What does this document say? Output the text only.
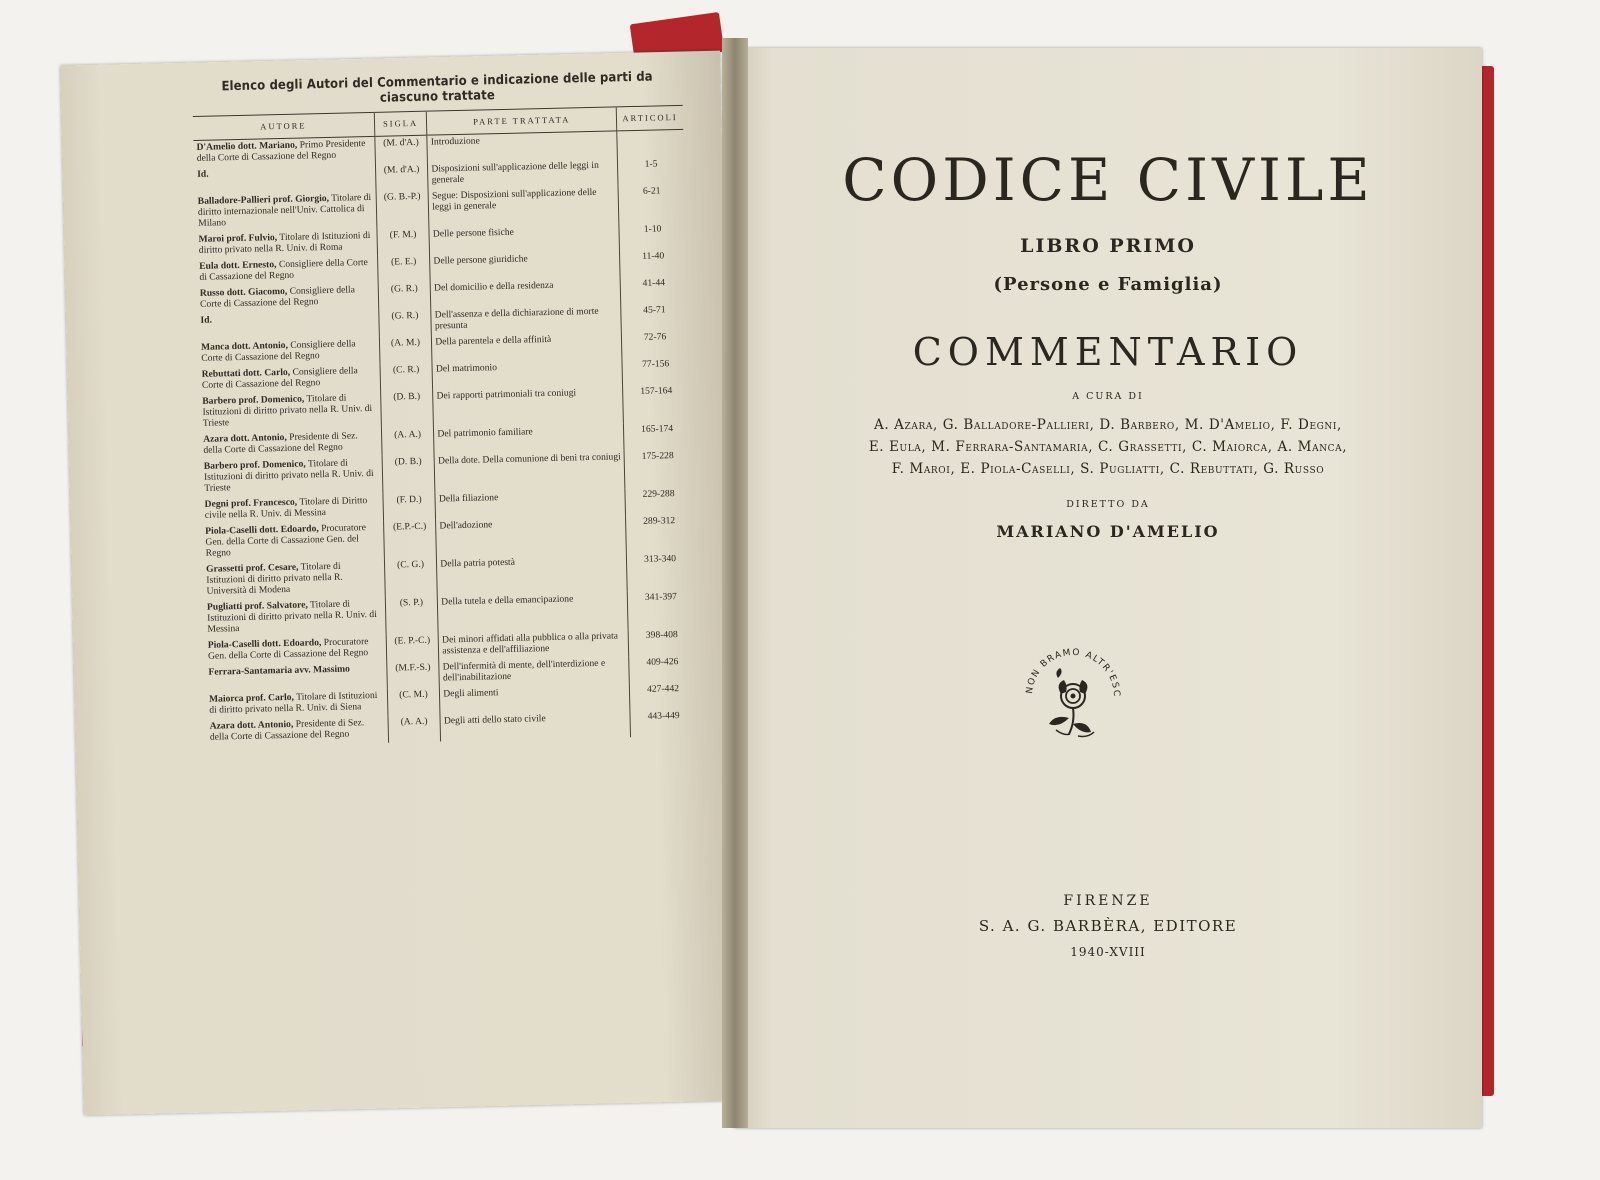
Elenco degli Autori del Commentario e indicazione delle parti da ciascuno trattate
AUTORE	SIGLA	PARTE TRATTATA	ARTICOLI
D'Amelio dott. Mariano, Primo Presidente della Corte di Cassazione del Regno	(M. d'A.)	Introduzione	
Id.	(M. d'A.)	Disposizioni sull'applicazione delle leggi in generale	1-5
Balladore-Pallieri prof. Giorgio, Titolare di diritto internazionale nell'Univ. Cattolica di Milano	(G. B.-P.)	Segue: Disposizioni sull'applicazione delle leggi in generale	6-21
Maroi prof. Fulvio, Titolare di Istituzioni di diritto privato nella R. Univ. di Roma	(F. M.)	Delle persone fisiche	1-10
Eula dott. Ernesto, Consigliere della Corte di Cassazione del Regno	(E. E.)	Delle persone giuridiche	11-40
Russo dott. Giacomo, Consigliere della Corte di Cassazione del Regno	(G. R.)	Del domicilio e della residenza	41-44
Id.	(G. R.)	Dell'assenza e della dichiarazione di morte presunta	45-71
Manca dott. Antonio, Consigliere della Corte di Cassazione del Regno	(A. M.)	Della parentela e della affinità	72-76
Rebuttati dott. Carlo, Consigliere della Corte di Cassazione del Regno	(C. R.)	Del matrimonio	77-156
Barbero prof. Domenico, Titolare di Istituzioni di diritto privato nella R. Univ. di Trieste	(D. B.)	Dei rapporti patrimoniali tra coniugi	157-164
Azara dott. Antonio, Presidente di Sez. della Corte di Cassazione del Regno	(A. A.)	Del patrimonio familiare	165-174
Barbero prof. Domenico, Titolare di Istituzioni di diritto privato nella R. Univ. di Trieste	(D. B.)	Della dote. Della comunione di beni tra coniugi	175-228
Degni prof. Francesco, Titolare di Diritto civile nella R. Univ. di Messina	(F. D.)	Della filiazione	229-288
Piola-Caselli dott. Edoardo, Procuratore Gen. della Corte di Cassazione Gen. del Regno	(E.P.-C.)	Dell'adozione	289-312
Grassetti prof. Cesare, Titolare di Istituzioni di diritto privato nella R. Università di Modena	(C. G.)	Della patria potestà	313-340
Pugliatti prof. Salvatore, Titolare di Istituzioni di diritto privato nella R. Univ. di Messina	(S. P.)	Della tutela e della emancipazione	341-397
Piola-Caselli dott. Edoardo, Procuratore Gen. della Corte di Cassazione del Regno	(E. P.-C.)	Dei minori affidati alla pubblica o alla privata assistenza e dell'affiliazione	398-408
Ferrara-Santamaria avv. Massimo	(M.F.-S.)	Dell'infermità di mente, dell'interdizione e dell'inabilitazione	409-426
Maiorca prof. Carlo, Titolare di Istituzioni di diritto privato nella R. Univ. di Siena	(C. M.)	Degli alimenti	427-442
Azara dott. Antonio, Presidente di Sez. della Corte di Cassazione del Regno	(A. A.)	Degli atti dello stato civile	443-449
CODICE CIVILE
LIBRO PRIMO
(Persone e Famiglia)
COMMENTARIO
A CURA DI
A. Azara, G. Balladore-Pallieri, D. Barbero, M. D'Amelio, F. Degni,
E. Eula, M. Ferrara-Santamaria, C. Grassetti, C. Maiorca, A. Manca,
F. Maroi, E. Piola-Caselli, S. Pugliatti, C. Rebuttati, G. Russo
DIRETTO DA
MARIANO D'AMELIO
NON BRAMO ALTR'ESC
FIRENZE
S. A. G. BARBÈRA, EDITORE
1940-XVIII
